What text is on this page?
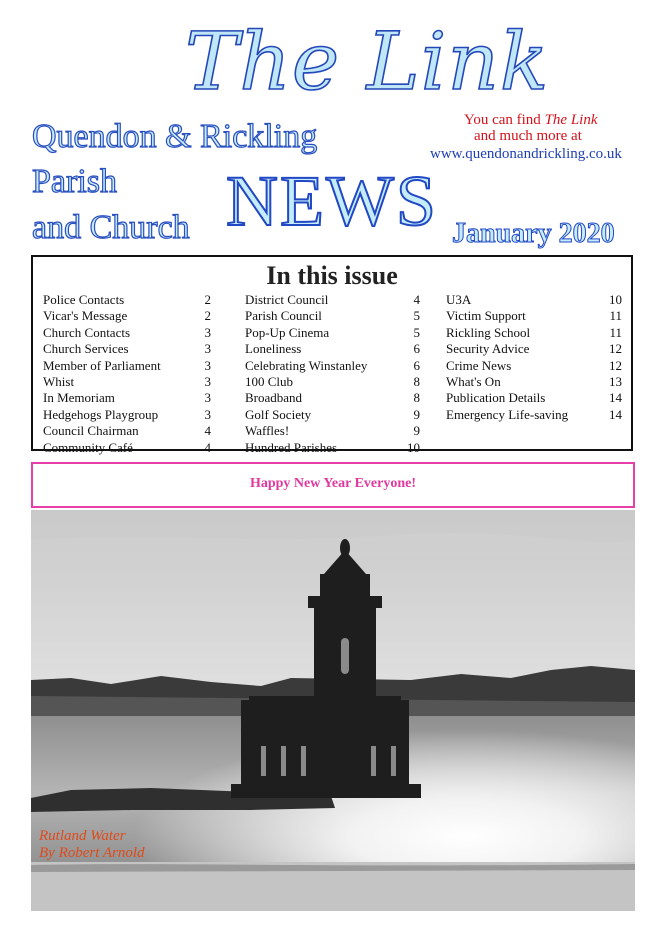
The Link
Quendon & Rickling
Parish
and Church NEWS January 2020
You can find The Link
and much more at
www.quendonandrickling.co.uk
In this issue
Police Contacts	2
Vicar's Message	2
Church Contacts	3
Church Services	3
Member of Parliament	3
Whist	3
In Memoriam	3
Hedgehogs Playgroup	3
Council Chairman	4
Community Café	4
District Council	4
Parish Council	5
Pop-Up Cinema	5
Loneliness	6
Celebrating Winstanley	6
100 Club	8
Broadband	8
Golf Society	9
Waffles!	9
Hundred Parishes	10
U3A	10
Victim Support	11
Rickling School	11
Security Advice	12
Crime News	12
What's On	13
Publication Details	14
Emergency Life-saving	14
Happy New Year Everyone!
Rutland Water
By Robert Arnold
